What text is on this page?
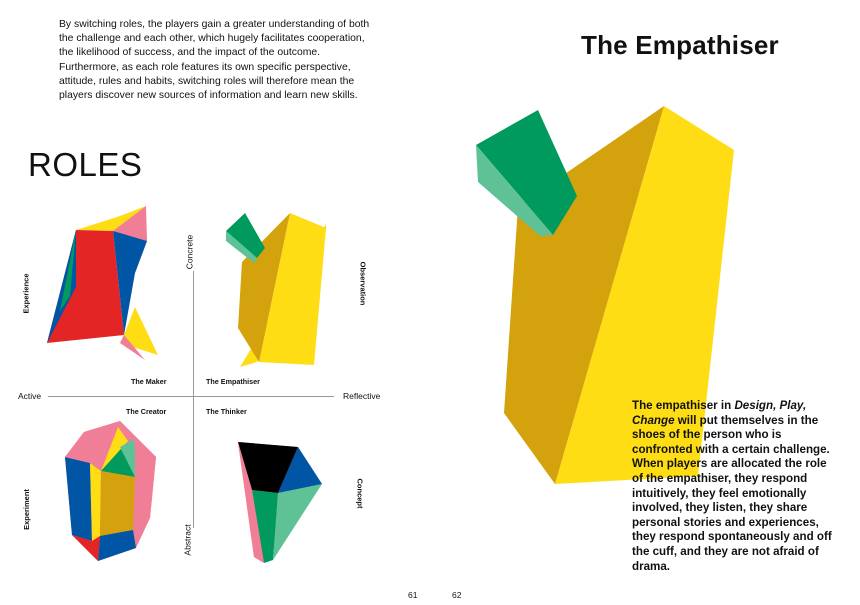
By switching roles, the players gain a greater understanding of both the challenge and each other, which hugely facilitates cooperation, the likelihood of success, and the impact of the outcome. Furthermore, as each role features its own specific perspective, attitude, rules and habits, switching roles will therefore mean the players discover new sources of information and learn new skills.

ROLES
Active	Reflective
Concrete
Abstract
Experience
Experiment
Observation
Concept
The Maker	The Empathiser
The Creator	The Thinker
61
The Empathiser

The empathiser in Design, Play, Change will put themselves in the shoes of the person who is confronted with a certain challenge. When players are allocated the role of the empathiser, they respond intuitively, they feel emotionally involved, they listen, they share personal stories and experiences, they respond spontaneously and off the cuff, and they are not afraid of drama.

62
